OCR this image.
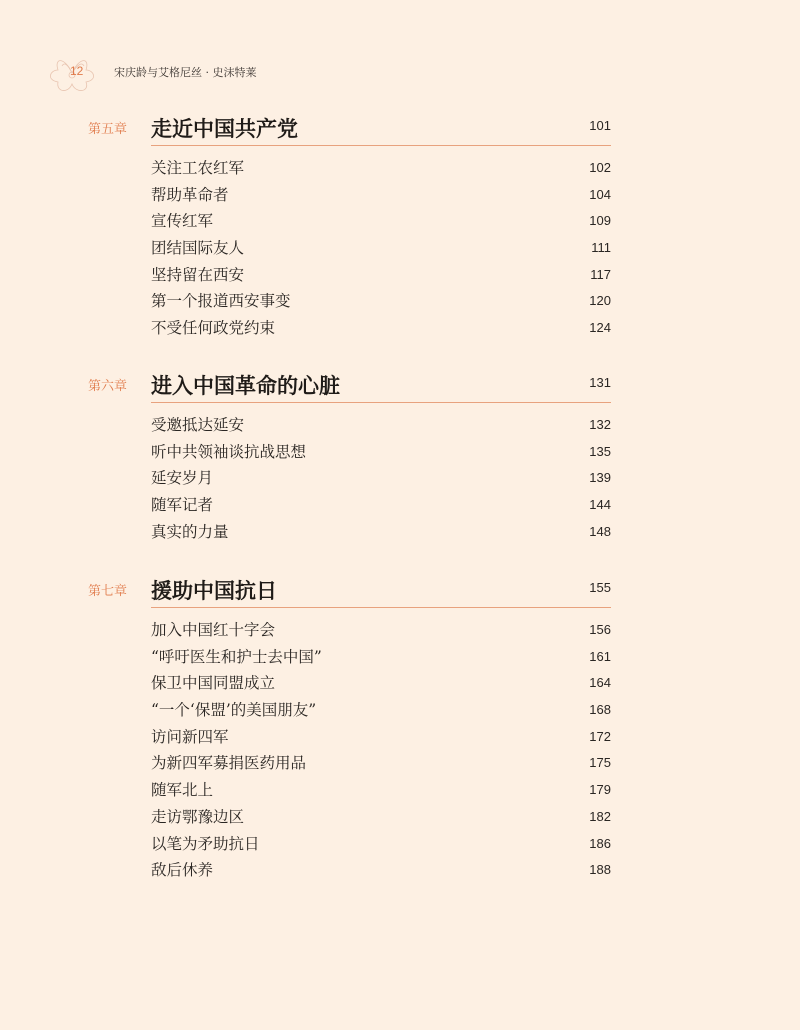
12	宋庆龄与艾格尼丝 · 史沫特莱
第五章 走近中国共产党	101
关注工农红军	102
帮助革命者	104
宣传红军	109
团结国际友人	111
坚持留在西安	117
第一个报道西安事变	120
不受任何政党约束	124
第六章 进入中国革命的心脏	131
受邀抵达延安	132
听中共领袖谈抗战思想	135
延安岁月	139
随军记者	144
真实的力量	148
第七章 援助中国抗日	155
加入中国红十字会	156
“呼吁医生和护士去中国”	161
保卫中国同盟成立	164
“一个‘保盟’的美国朋友”	168
访问新四军	172
为新四军募捐医药用品	175
随军北上	179
走访鄂豫边区	182
以笔为矛助抗日	186
敌后休养	188
